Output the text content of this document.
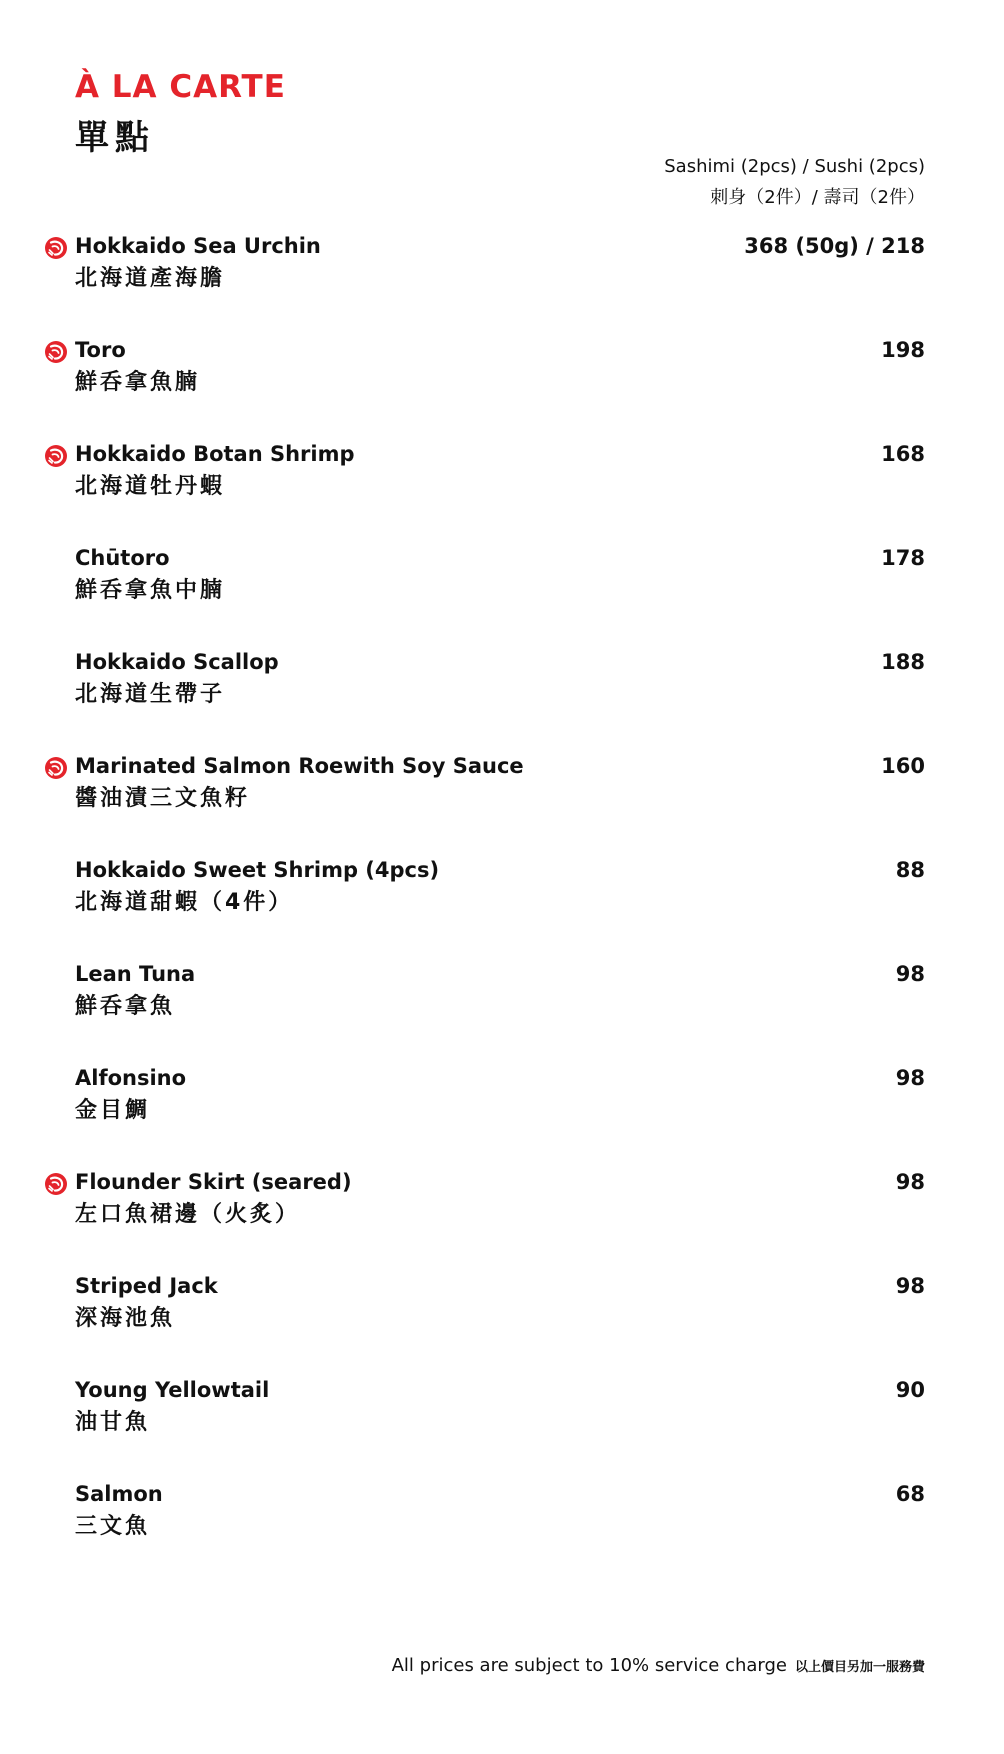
À LA CARTE
單點
Sashimi (2pcs) / Sushi (2pcs)
刺身（2件）/ 壽司（2件）
Hokkaido Sea Urchin
北海道產海膽
368 (50g) / 218
Toro
鮮呑拿魚腩
198
Hokkaido Botan Shrimp
北海道牡丹蝦
168
Chūtoro
鮮呑拿魚中腩
178
Hokkaido Scallop
北海道生帶子
188
Marinated Salmon Roewith Soy Sauce
醬油漬三文魚籽
160
Hokkaido Sweet Shrimp (4pcs)
北海道甜蝦（4件）
88
Lean Tuna
鮮呑拿魚
98
Alfonsino
金目鯛
98
Flounder Skirt (seared)
左口魚裙邊（火炙）
98
Striped Jack
深海池魚
98
Young Yellowtail
油甘魚
90
Salmon
三文魚
68
All prices are subject to 10% service charge 以上價目另加一服務費
